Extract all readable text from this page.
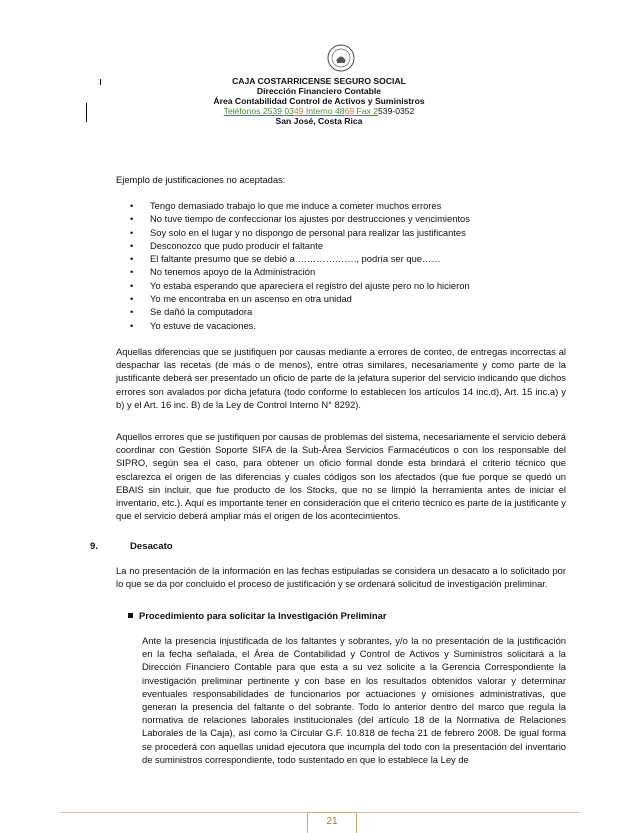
CAJA COSTARRICENSE SEGURO SOCIAL
Dirección Financiero Contable
Área Contabilidad Control de Activos y Suministros
Teléfonos 2539 0349 Interno 4869 Fax 2539-0352
San José, Costa Rica
Ejemplo de justificaciones no aceptadas:
• Tengo demasiado trabajo lo que me induce a cometer muchos errores
• No tuve tiempo de confeccionar los ajustes por destrucciones y vencimientos
• Soy solo en el lugar y no dispongo de personal para realizar las justificantes
• Desconozco que pudo producir el faltante
• El faltante presumo que se debió a ………………., podría ser que……
• No tenemos apoyo de la Administración
• Yo estaba esperando que apareciera el registro del ajuste pero no lo hicieron
• Yo me encontraba en un ascenso en otra unidad
• Se dañó la computadora
• Yo estuve de vacaciones.
Aquellas diferencias que se justifiquen por causas mediante a errores de conteo, de entregas incorrectas al despachar las recetas (de más o de menos), entre otras similares, necesariamente y como parte de la justificante deberá ser presentado un oficio de parte de la jefatura superior del servicio indicando que dichos errores son avalados por dicha jefatura (todo conforme lo establecen los artículos 14 inc.d), Art. 15 inc.a) y b) y el Art. 16 inc. B) de la Ley de Control Interno N° 8292).
Aquellos errores que se justifiquen por causas de problemas del sistema, necesariamente el servicio deberá coordinar con Gestión Soporte SIFA de la Sub-Área Servicios Farmacéuticos o con los responsable del SIPRO, según sea el caso, para obtener un oficio formal donde esta brindará el criterio técnico que esclarezca el origen de las diferencias y cuales códigos son los afectados (que fue porque se quedó un EBAIS sin incluir, que fue producto de los Stocks, que no se limpió la herramienta antes de iniciar el inventario, etc.). Aquí es importante tener en consideración que el criterio técnico es parte de la justificante y que el servicio deberá ampliar más el origen de los acontecimientos.
9.	Desacato
La no presentación de la información en las fechas estipuladas se considera un desacato a lo solicitado por lo que se da por concluido el proceso de justificación y se ordenará solicitud de investigación preliminar.
Procedimiento para solicitar la Investigación Preliminar
Ante la presencia injustificada de los faltantes y sobrantes, y/o la no presentación de la justificación en la fecha señalada, el Área de Contabilidad y Control de Activos y Suministros solicitará a la Dirección Financiero Contable para que esta a su vez solicite a la Gerencia Correspondiente la investigación preliminar pertinente y con base en los resultados obtenidos valorar y determinar eventuales responsabilidades de funcionarios por actuaciones y omisiones administrativas, que generan la presencia del faltante o del sobrante. Todo lo anterior dentro del marco que regula la normativa de relaciones laborales institucionales (del artículo 18 de la Normativa de Relaciones Laborales de la Caja), así como la Circular G.F. 10.818 de fecha 21 de febrero 2008. De igual forma se procederá con aquellas unidad ejecutora que incumpla del todo con la presentación del inventario de suministros correspondiente, todo sustentado en que lo establece la Ley de
21
